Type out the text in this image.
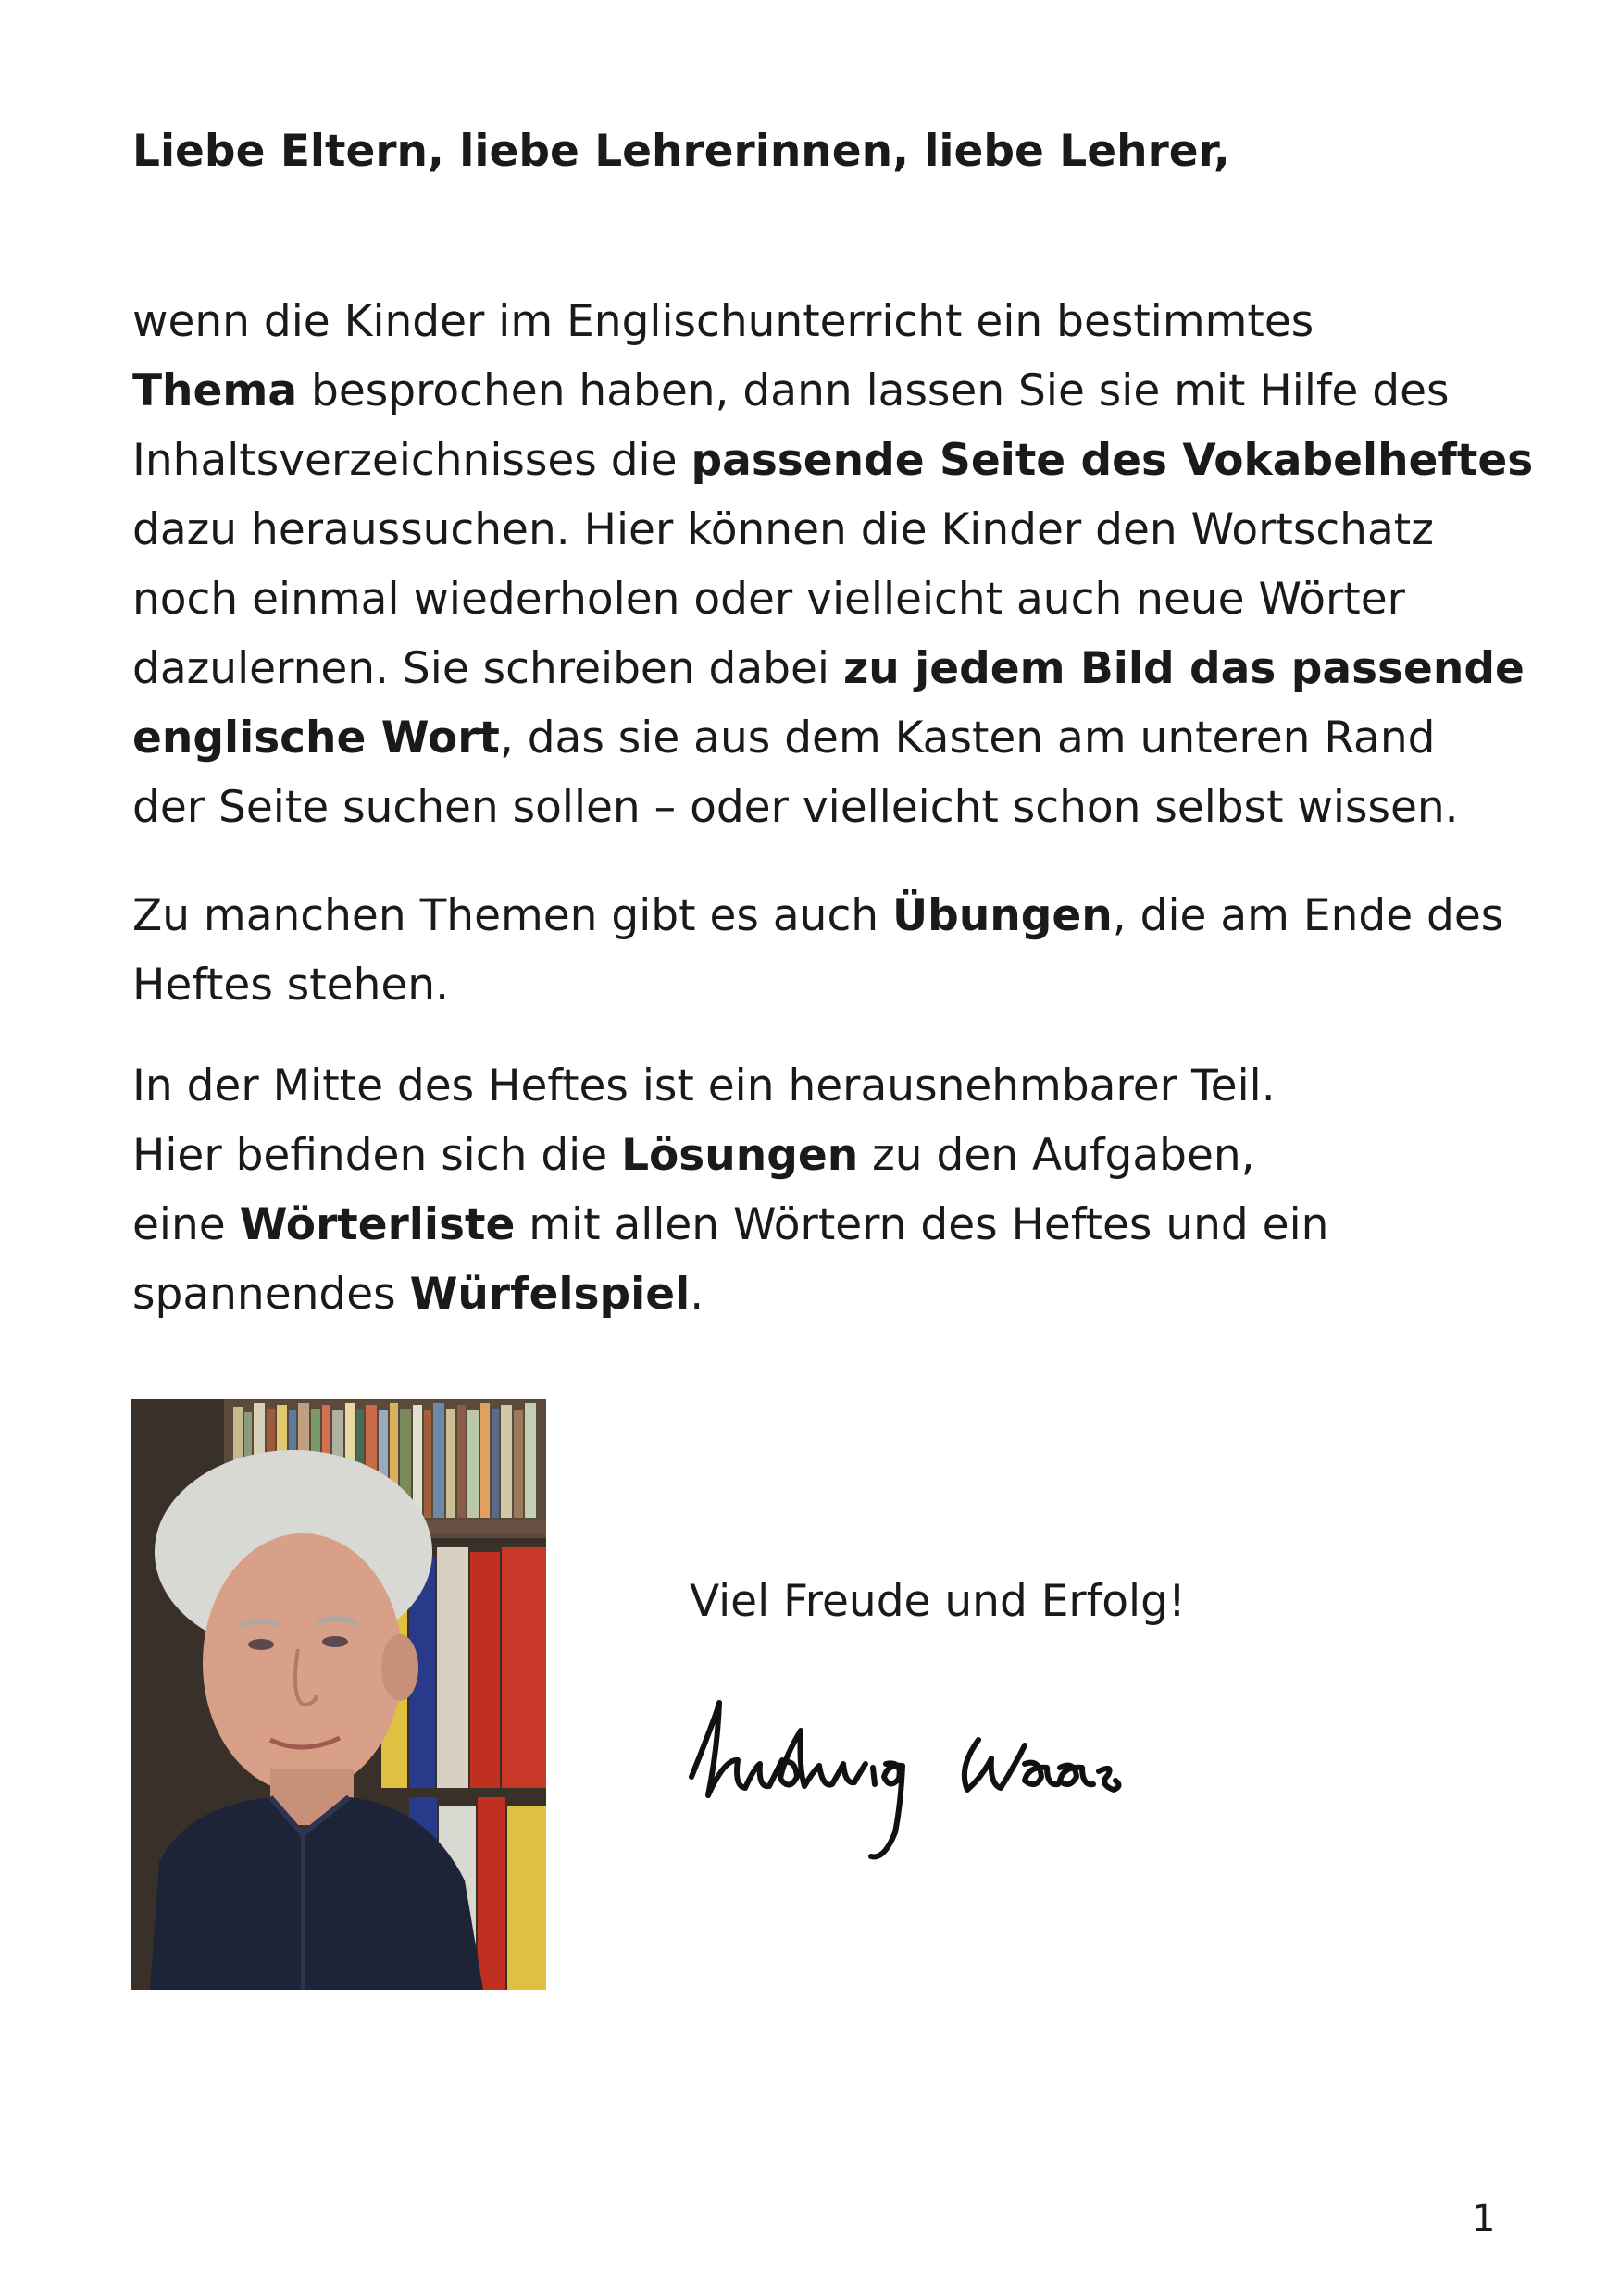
Liebe Eltern, liebe Lehrerinnen, liebe Lehrer,

wenn die Kinder im Englischunterricht ein bestimmtes
Thema besprochen haben, dann lassen Sie sie mit Hilfe des
Inhaltsverzeichnisses die passende Seite des Vokabelheftes
dazu heraussuchen. Hier können die Kinder den Wortschatz
noch einmal wiederholen oder vielleicht auch neue Wörter
dazulernen. Sie schreiben dabei zu jedem Bild das passende
englische Wort, das sie aus dem Kasten am unteren Rand
der Seite suchen sollen – oder vielleicht schon selbst wissen.

Zu manchen Themen gibt es auch Übungen, die am Ende des
Heftes stehen.

In der Mitte des Heftes ist ein herausnehmbarer Teil.
Hier befinden sich die Lösungen zu den Aufgaben,
eine Wörterliste mit allen Wörtern des Heftes und ein
spannendes Würfelspiel.

Viel Freude und Erfolg!

1
